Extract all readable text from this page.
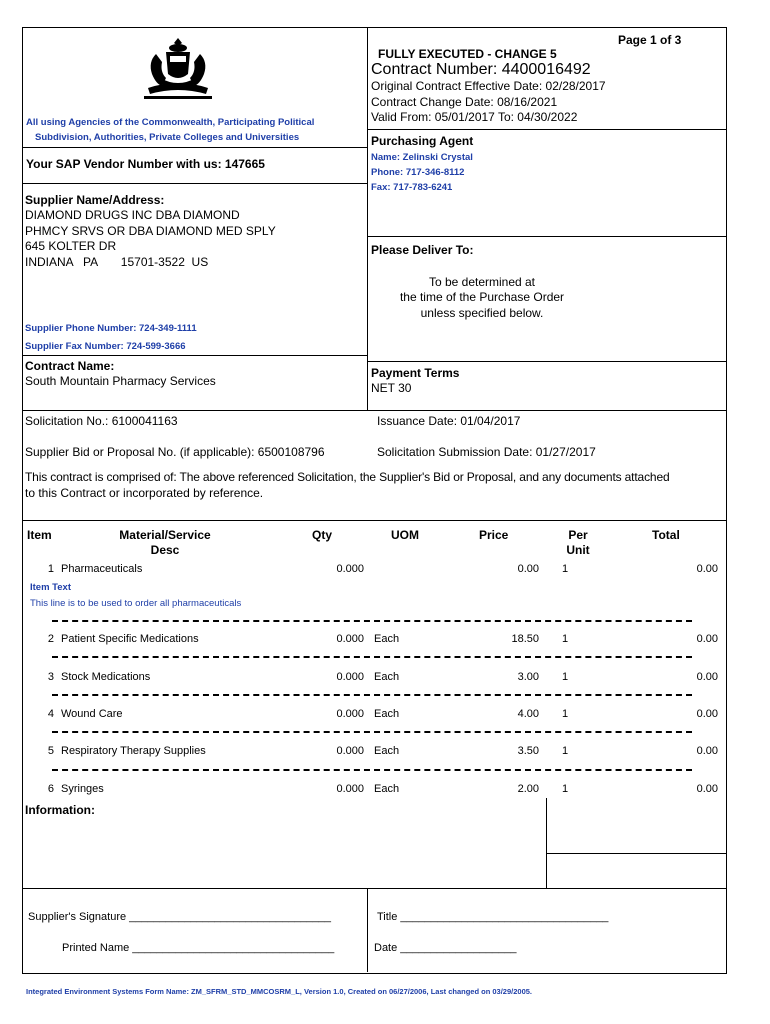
Page 1 of 3
FULLY EXECUTED - CHANGE 5
Contract Number: 4400016492
Original Contract Effective Date: 02/28/2017
Contract Change Date: 08/16/2021
Valid From: 05/01/2017 To: 04/30/2022
All using Agencies of the Commonwealth, Participating Political
Subdivision, Authorities, Private Colleges and Universities	Purchasing Agent
Name: Zelinski Crystal
Phone: 717-346-8112
Fax: 717-783-6241
Your SAP Vendor Number with us: 147665
Supplier Name/Address:
DIAMOND DRUGS INC DBA DIAMOND
PHMCY SRVS OR DBA DIAMOND MED SPLY
645 KOLTER DR
INDIANA   PA       15701-3522  US
Supplier Phone Number: 724-349-1111
Supplier Fax Number: 724-599-3666
Please Deliver To:
To be determined at
the time of the Purchase Order
unless specified below.
Contract Name:
South Mountain Pharmacy Services
Payment Terms
NET 30
Solicitation No.: 6100041163	Issuance Date: 01/04/2017
Supplier Bid or Proposal No. (if applicable): 6500108796	Solicitation Submission Date: 01/27/2017
This contract is comprised of: The above referenced Solicitation, the Supplier's Bid or Proposal, and any documents attached
to this Contract or incorporated by reference.
Item	Material/Service
Desc
Qty	UOM	Price	Per
Unit
Total
1 Pharmaceuticals	0.000	0.00 1	0.00
Item Text
This line is to be used to order all pharmaceuticals
2 Patient Specific Medications	0.000 Each	18.50 1	0.00
3 Stock Medications	0.000 Each	3.00 1	0.00
4 Wound Care	0.000 Each	4.00 1	0.00
5 Respiratory Therapy Supplies	0.000 Each	3.50 1	0.00
6 Syringes	0.000 Each	2.00 1	0.00
Information:
Supplier's Signature _________________________________
Printed Name _________________________________
Title __________________________________
Date ___________________
Integrated Environment Systems Form Name: ZM_SFRM_STD_MMCOSRM_L, Version 1.0, Created on 06/27/2006, Last changed on 03/29/2005.
